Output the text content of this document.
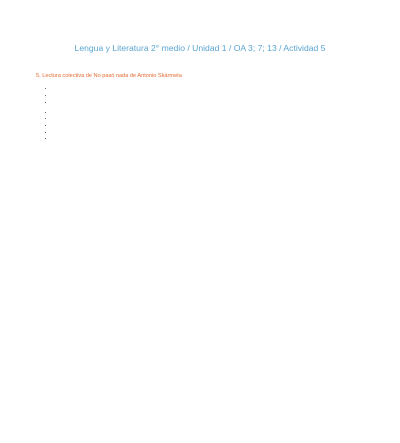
Lengua y Literatura 2° medio / Unidad 1 / OA 3; 7; 13 / Actividad 5
5. Lectura colectiva de No pasó nada de Antonio Skármeta

•
•
•

•
•
•
•
•
